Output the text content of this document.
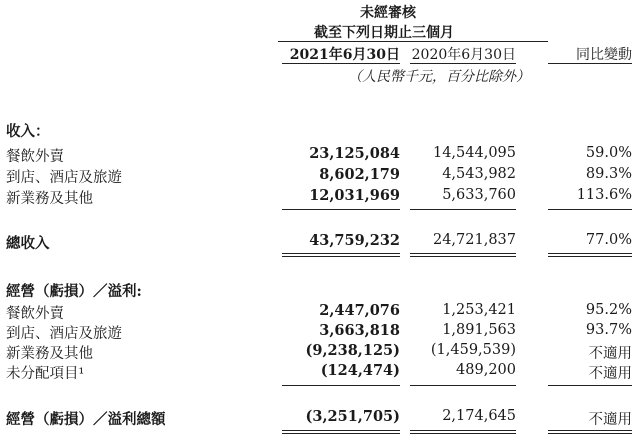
未經審核
截至下列日期止三個月
2021年6月30日 2020年6月30日	同比變動
（人民幣千元，百分比除外）
收入：
餐飲外賣	23,125,084	14,544,095	59.0%
到店、酒店及旅遊	8,602,179	4,543,982	89.3%
新業務及其他	12,031,969	5,633,760	113.6%
總收入	43,759,232	24,721,837	77.0%
經營（虧損）／溢利:
餐飲外賣	2,447,076	1,253,421	95.2%
到店、酒店及旅遊	3,663,818	1,891,563	93.7%
新業務及其他	(9,238,125)	(1,459,539)	不適用
未分配項目¹	(124,474)	489,200	不適用
經營（虧損）／溢利總額	(3,251,705)	2,174,645	不適用
